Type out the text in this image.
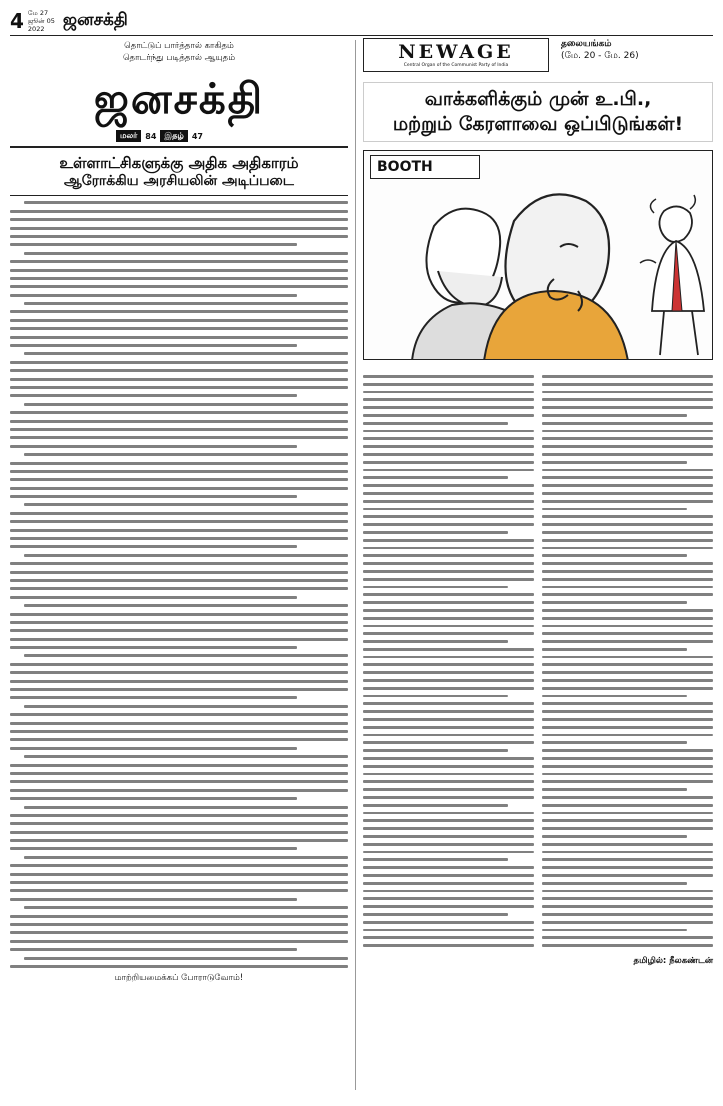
4 மே 27
ஜூன் 05
2022	ஜனசக்தி
தொட்டுப் பார்த்தால் காகிதம்
தொடர்ந்து படித்தால் ஆயுதம்
ஜனசக்தி
மலர்	84	இதழ்	47
உள்ளாட்சிகளுக்கு அதிக அதிகாரம்
ஆரோக்கிய அரசியலின் அடிப்படை
மாற்றியமைக்கப் போராடுவோம்!
NEWAGE
Central Organ of the Communist Party of India
தலையங்கம்
(மே. 20 - மே. 26)
வாக்களிக்கும் முன் உ.பி.,
மற்றும் கேரளாவை ஒப்பிடுங்கள்!
BOOTH
தமிழில்: நீலகண்டன்
